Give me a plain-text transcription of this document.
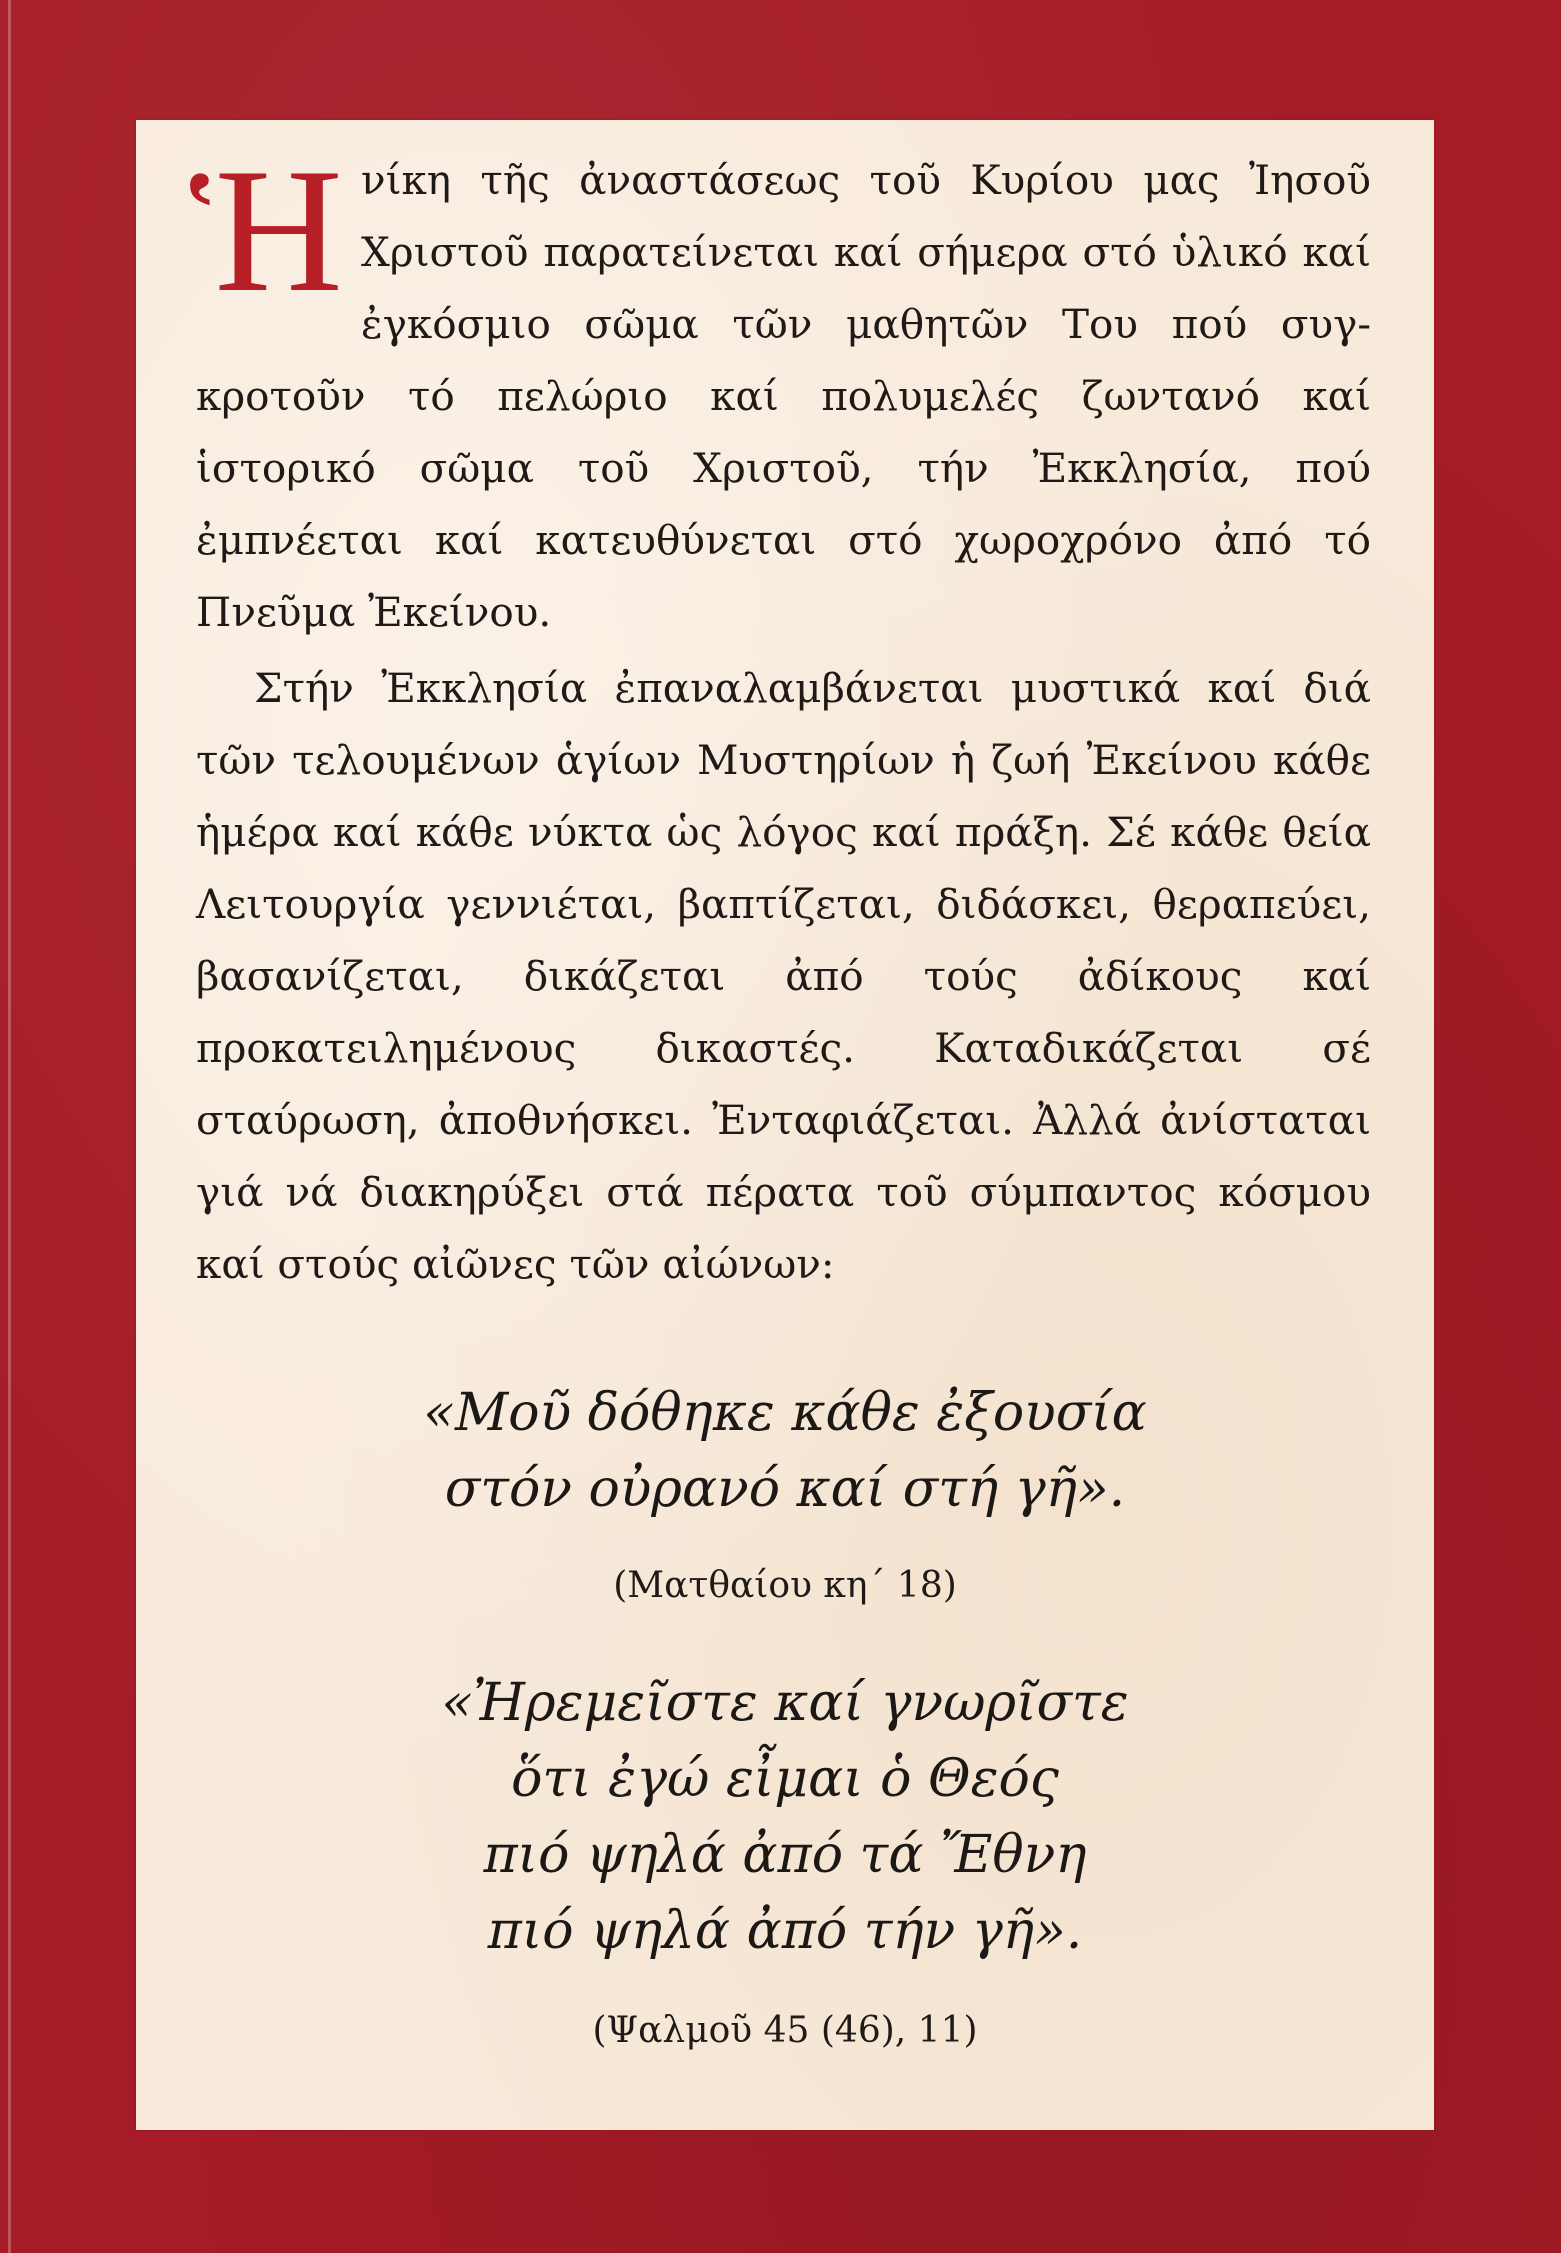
Ἡνίκη τῆς ἀναστάσεως τοῦ Κυρίου μας Ἰησοῦ Χριστοῦ παρατείνεται καί σήμερα στό ὑλικό καί ἐγκόσμιο σῶμα τῶν μαθητῶν Του πού συγκροτοῦν τό πελώριο καί πολυμελές ζωντανό καί ἱστορικό σῶμα τοῦ Χριστοῦ, τήν Ἐκκλησία, πού ἐμπνέεται καί κατευθύνεται στό χωροχρόνο ἀπό τό Πνεῦμα Ἐκείνου.

Στήν Ἐκκλησία ἐπαναλαμβάνεται μυστικά καί διά τῶν τελουμένων ἁγίων Μυστηρίων ἡ ζωή Ἐκείνου κάθε ἡμέρα καί κάθε νύκτα ὡς λόγος καί πράξη. Σέ κάθε θεία Λειτουργία γεννιέται, βαπτίζεται, διδάσκει, θεραπεύει, βασανίζεται, δικάζεται ἀπό τούς ἀδίκους καί προκατειλημένους δικαστές. Καταδικάζεται σέ σταύρωση, ἀποθνήσκει. Ἐνταφιάζεται. Ἀλλά ἀνίσταται γιά νά διακηρύξει στά πέρατα τοῦ σύμπαντος κόσμου καί στούς αἰῶνες τῶν αἰώνων:

«Μοῦ δόθηκε κάθε ἐξουσία
στόν οὐρανό καί στή γῆ».
(Ματθαίου κη΄ 18)
«Ἠρεμεῖστε καί γνωρῖστε
ὅτι ἐγώ εἶμαι ὁ Θεός
πιό ψηλά ἀπό τά Ἔθνη
πιό ψηλά ἀπό τήν γῆ».
(Ψαλμοῦ 45 (46), 11)
